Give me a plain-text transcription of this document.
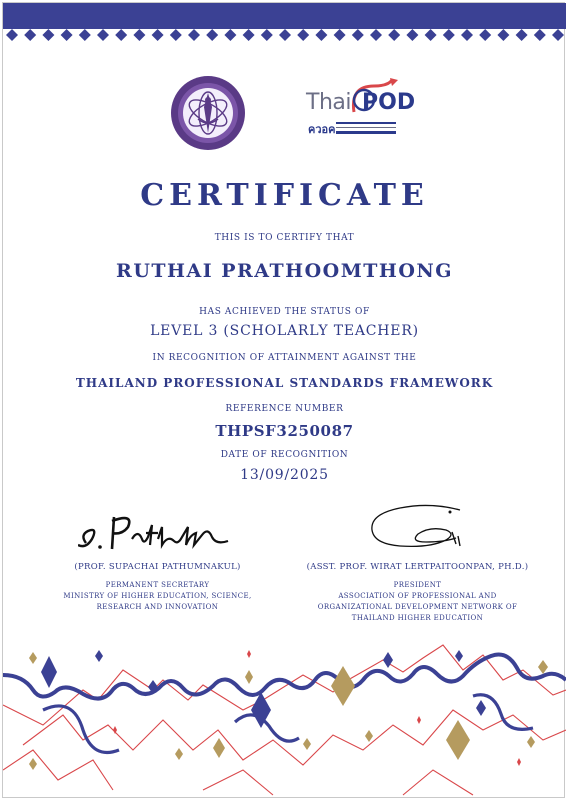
Thai POD
ควอค
CERTIFICATE
THIS IS TO CERTIFY THAT
RUTHAI PRATHOOMTHONG
HAS ACHIEVED THE STATUS OF
LEVEL 3 (SCHOLARLY TEACHER)
IN RECOGNITION OF ATTAINMENT AGAINST THE
THAILAND PROFESSIONAL STANDARDS FRAMEWORK
REFERENCE NUMBER
THPSF3250087
DATE OF RECOGNITION
13/09/2025
(PROF. SUPACHAI PATHUMNAKUL)
PERMANENT SECRETARY
MINISTRY OF HIGHER EDUCATION, SCIENCE,
RESEARCH AND INNOVATION
(ASST. PROF. WIRAT LERTPAITOONPAN, PH.D.)
PRESIDENT
ASSOCIATION OF PROFESSIONAL AND
ORGANIZATIONAL DEVELOPMENT NETWORK OF
THAILAND HIGHER EDUCATION
